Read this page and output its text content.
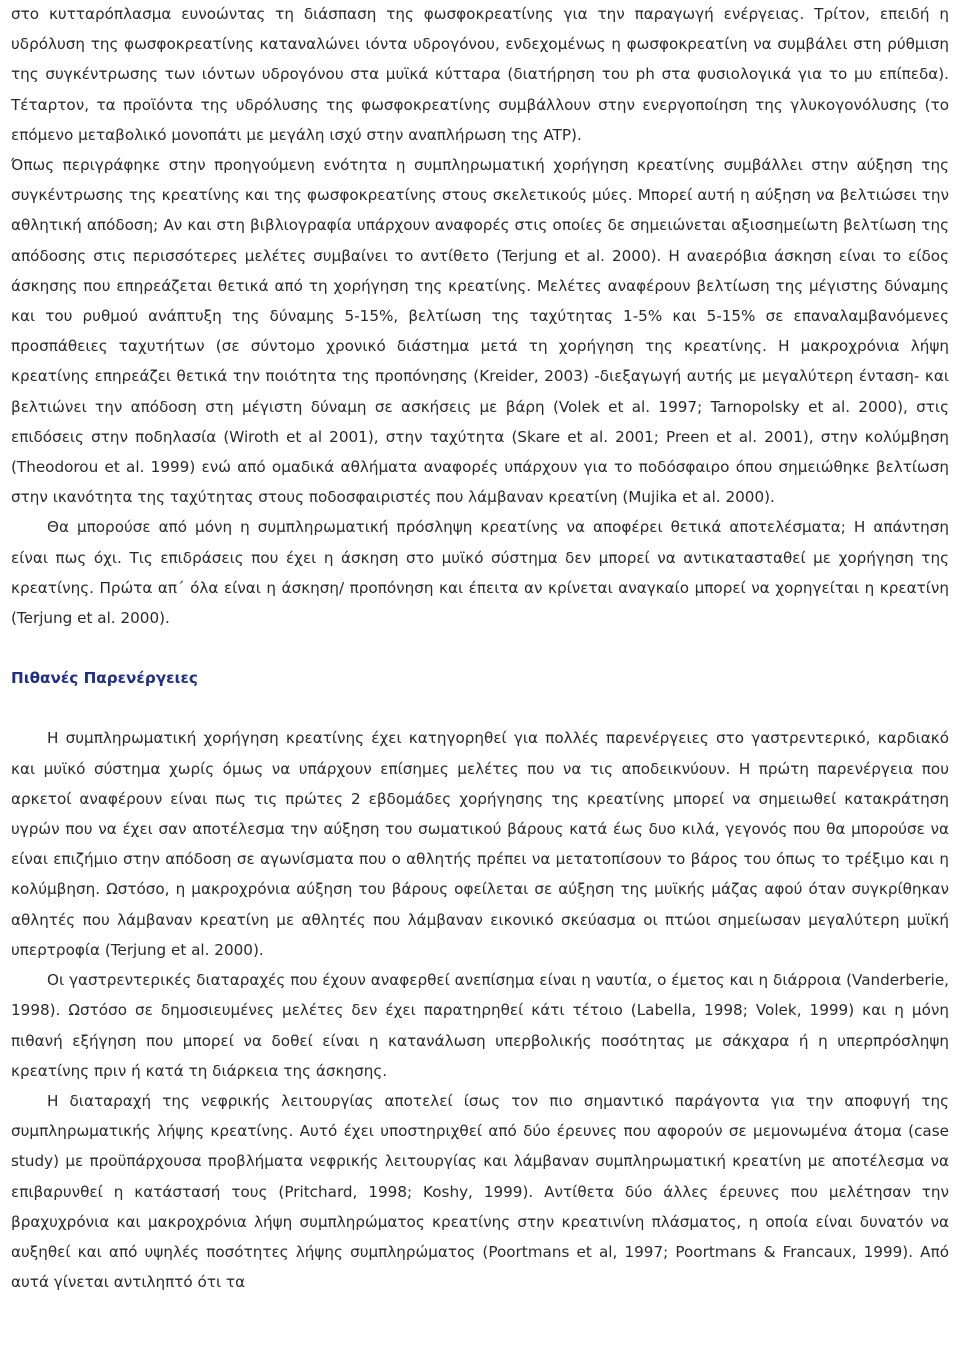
στο κυτταρόπλασμα ευνοώντας τη διάσπαση της φωσφοκρεατίνης για την παραγωγή ενέργειας. Τρίτον, επειδή η υδρόλυση της φωσφοκρεατίνης καταναλώνει ιόντα υδρογόνου, ενδεχομένως η φωσφοκρεατίνη να συμβάλει στη ρύθμιση της συγκέντρωσης των ιόντων υδρογόνου στα μυϊκά κύτταρα (διατήρηση του ph στα φυσιολογικά για το μυ επίπεδα). Τέταρτον, τα προϊόντα της υδρόλυσης της φωσφοκρεατίνης συμβάλλουν στην ενεργοποίηση της γλυκογονόλυσης (το επόμενο μεταβολικό μονοπάτι με μεγάλη ισχύ στην αναπλήρωση της ATP).

Όπως περιγράφηκε στην προηγούμενη ενότητα η συμπληρωματική χορήγηση κρεατίνης συμβάλλει στην αύξηση της συγκέντρωσης της κρεατίνης και της φωσφοκρεατίνης στους σκελετικούς μύες. Μπορεί αυτή η αύξηση να βελτιώσει την αθλητική απόδοση; Αν και στη βιβλιογραφία υπάρχουν αναφορές στις οποίες δε σημειώνεται αξιοσημείωτη βελτίωση της απόδοσης στις περισσότερες μελέτες συμβαίνει το αντίθετο (Terjung et al. 2000). Η αναερόβια άσκηση είναι το είδος άσκησης που επηρεάζεται θετικά από τη χορήγηση της κρεατίνης. Μελέτες αναφέρουν βελτίωση της μέγιστης δύναμης και του ρυθμού ανάπτυξη της δύναμης 5-15%, βελτίωση της ταχύτητας 1-5% και 5-15% σε επαναλαμβανόμενες προσπάθειες ταχυτήτων (σε σύντομο χρονικό διάστημα μετά τη χορήγηση της κρεατίνης. Η μακροχρόνια λήψη κρεατίνης επηρεάζει θετικά την ποιότητα της προπόνησης (Kreider, 2003) -διεξαγωγή αυτής με μεγαλύτερη ένταση- και βελτιώνει την απόδοση στη μέγιστη δύναμη σε ασκήσεις με βάρη (Volek et al. 1997; Tarnopolsky et al. 2000), στις επιδόσεις στην ποδηλασία (Wiroth et al 2001), στην ταχύτητα (Skare et al. 2001; Preen et al. 2001), στην κολύμβηση (Theodorou et al. 1999) ενώ από ομαδικά αθλήματα αναφορές υπάρχουν για το ποδόσφαιρο όπου σημειώθηκε βελτίωση στην ικανότητα της ταχύτητας στους ποδοσφαιριστές που λάμβαναν κρεατίνη (Mujika et al. 2000).

Θα μπορούσε από μόνη η συμπληρωματική πρόσληψη κρεατίνης να αποφέρει θετικά αποτελέσματα; Η απάντηση είναι πως όχι. Τις επιδράσεις που έχει η άσκηση στο μυϊκό σύστημα δεν μπορεί να αντικατασταθεί με χορήγηση της κρεατίνης. Πρώτα απ΄ όλα είναι η άσκηση/ προπόνηση και έπειτα αν κρίνεται αναγκαίο μπορεί να χορηγείται η κρεατίνη (Terjung et al. 2000).

Πιθανές Παρενέργειες

Η συμπληρωματική χορήγηση κρεατίνης έχει κατηγορηθεί για πολλές παρενέργειες στο γαστρεντερικό, καρδιακό και μυϊκό σύστημα χωρίς όμως να υπάρχουν επίσημες μελέτες που να τις αποδεικνύουν. Η πρώτη παρενέργεια που αρκετοί αναφέρουν είναι πως τις πρώτες 2 εβδομάδες χορήγησης της κρεατίνης μπορεί να σημειωθεί κατακράτηση υγρών που να έχει σαν αποτέλεσμα την αύξηση του σωματικού βάρους κατά έως δυο κιλά, γεγονός που θα μπορούσε να είναι επιζήμιο στην απόδοση σε αγωνίσματα που ο αθλητής πρέπει να μετατοπίσουν το βάρος του όπως το τρέξιμο και η κολύμβηση. Ωστόσο, η μακροχρόνια αύξηση του βάρους οφείλεται σε αύξηση της μυϊκής μάζας αφού όταν συγκρίθηκαν αθλητές που λάμβαναν κρεατίνη με αθλητές που λάμβαναν εικονικό σκεύασμα οι πτώοι σημείωσαν μεγαλύτερη μυϊκή υπερτροφία (Terjung et al. 2000).

Οι γαστρεντερικές διαταραχές που έχουν αναφερθεί ανεπίσημα είναι η ναυτία, ο έμετος και η διάρροια (Vanderberie, 1998). Ωστόσο σε δημοσιευμένες μελέτες δεν έχει παρατηρηθεί κάτι τέτοιο (Labella, 1998; Volek, 1999) και η μόνη πιθανή εξήγηση που μπορεί να δοθεί είναι η κατανάλωση υπερβολικής ποσότητας με σάκχαρα ή η υπερπρόσληψη κρεατίνης πριν ή κατά τη διάρκεια της άσκησης.

Η διαταραχή της νεφρικής λειτουργίας αποτελεί ίσως τον πιο σημαντικό παράγοντα για την αποφυγή της συμπληρωματικής λήψης κρεατίνης. Αυτό έχει υποστηριχθεί από δύο έρευνες που αφορούν σε μεμονωμένα άτομα (case study) με προϋπάρχουσα προβλήματα νεφρικής λειτουργίας και λάμβαναν συμπληρωματική κρεατίνη με αποτέλεσμα να επιβαρυνθεί η κατάστασή τους (Pritchard, 1998; Koshy, 1999). Αντίθετα δύο άλλες έρευνες που μελέτησαν την βραχυχρόνια και μακροχρόνια λήψη συμπληρώματος κρεατίνης στην κρεατινίνη πλάσματος, η οποία είναι δυνατόν να αυξηθεί και από υψηλές ποσότητες λήψης συμπληρώματος (Poortmans et al, 1997; Poortmans & Francaux, 1999). Από αυτά γίνεται αντιληπτό ότι τα
